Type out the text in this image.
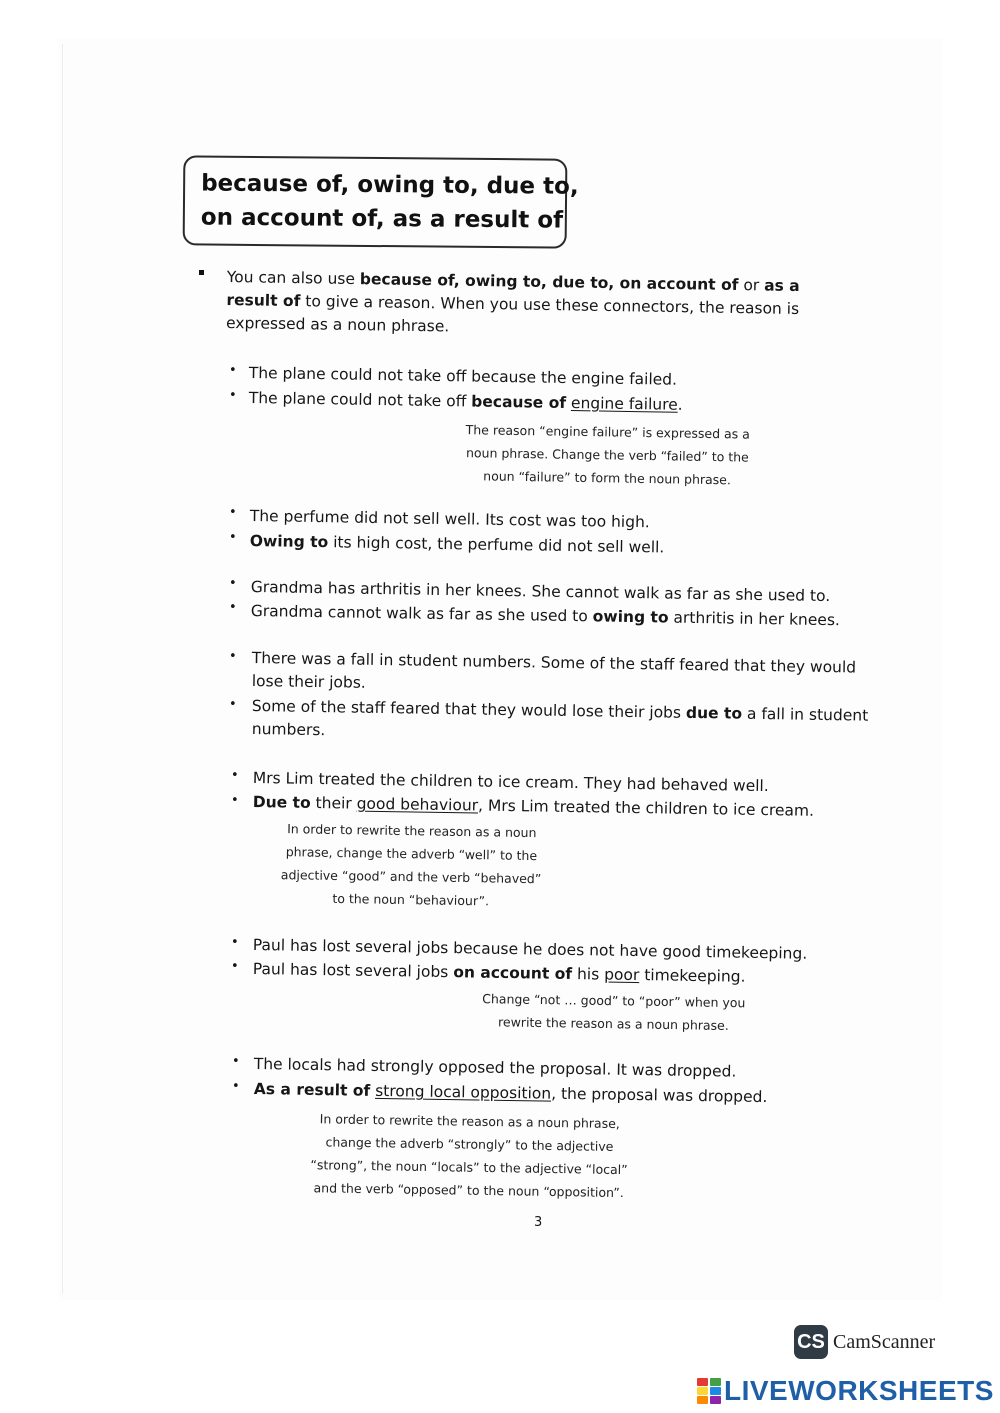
because of, owing to, due to,
on account of, as a result of
You can also use because of, owing to, due to, on account of or as a result of to give a reason. When you use these connectors, the reason is expressed as a noun phrase.
• The plane could not take off because the engine failed.
• The plane could not take off because of engine failure.
The reason “engine failure” is expressed as a
noun phrase. Change the verb “failed” to the
noun “failure” to form the noun phrase.
• The perfume did not sell well. Its cost was too high.
• Owing to its high cost, the perfume did not sell well.
• Grandma has arthritis in her knees. She cannot walk as far as she used to.
• Grandma cannot walk as far as she used to owing to arthritis in her knees.
• There was a fall in student numbers. Some of the staff feared that they would
lose their jobs.
• Some of the staff feared that they would lose their jobs due to a fall in student
numbers.
• Mrs Lim treated the children to ice cream. They had behaved well.
• Due to their good behaviour, Mrs Lim treated the children to ice cream.
In order to rewrite the reason as a noun
phrase, change the adverb “well” to the
adjective “good” and the verb “behaved”
to the noun “behaviour”.
• Paul has lost several jobs because he does not have good timekeeping.
• Paul has lost several jobs on account of his poor timekeeping.
Change “not … good” to “poor” when you
rewrite the reason as a noun phrase.
• The locals had strongly opposed the proposal. It was dropped.
• As a result of strong local opposition, the proposal was dropped.
In order to rewrite the reason as a noun phrase,
change the adverb “strongly” to the adjective
“strong”, the noun “locals” to the adjective “local”
and the verb “opposed” to the noun “opposition”.
3
CS CamScanner
LIVEWORKSHEETS
